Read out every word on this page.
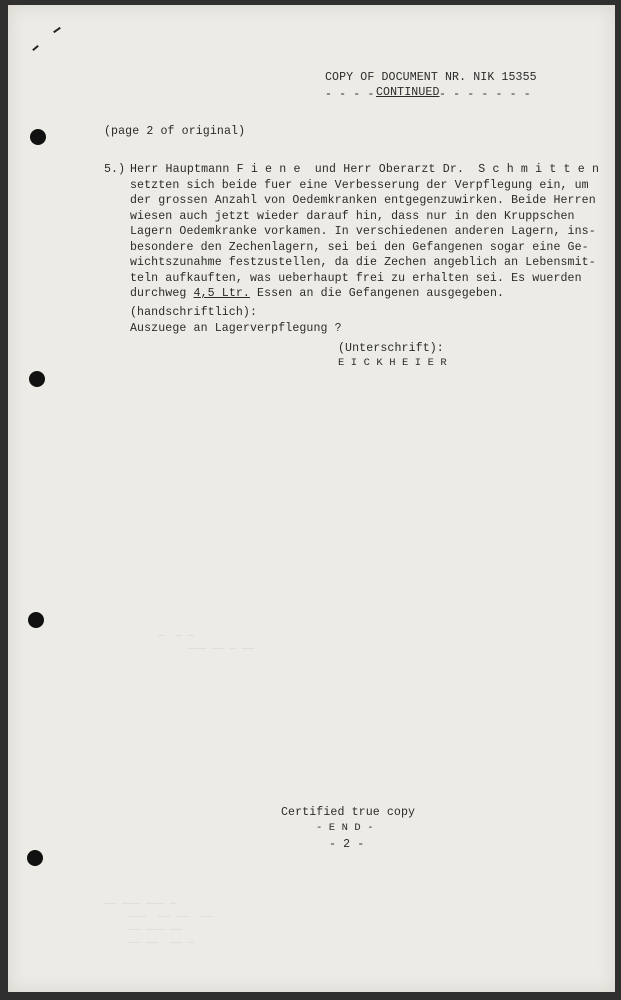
COPY OF DOCUMENT NR. NIK 15355
- - - - CONTINUED - - - - - - -
(page 2 of original)
5.) Herr Hauptmann F i e n e  und Herr Oberarzt Dr.  S c h m i t t e n
setzten sich beide fuer eine Verbesserung der Verpflegung ein, um
der grossen Anzahl von Oedemkranken entgegenzuwirken. Beide Herren
wiesen auch jetzt wieder darauf hin, dass nur in den Kruppschen
Lagern Oedemkranke vorkamen. In verschiedenen anderen Lagern, ins-
besondere den Zechenlagern, sei bei den Gefangenen sogar eine Ge-
wichtszunahme festzustellen, da die Zechen angeblich an Lebensmit-
teln aufkauften, was ueberhaupt frei zu erhalten sei. Es wuerden
durchweg 4,5 Ltr. Essen an die Gefangenen ausgegeben.
(handschriftlich):
Auszuege an Lagerverpflegung ?
(Unterschrift):
E I C K H E I E R
—  — —
——— —— — ——
—— ——— ——— —
———  —— ——  ——
—— ——— ——
—— ——  —— —
Certified true copy
- E N D -
- 2 -
